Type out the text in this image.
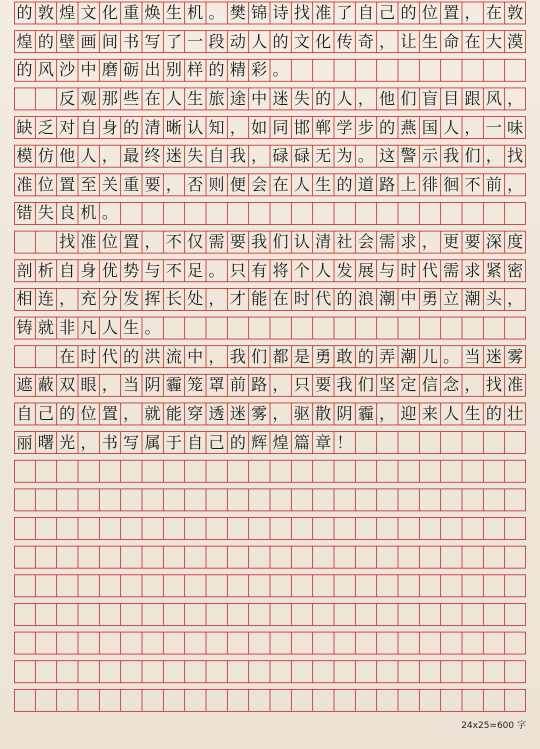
的 敦 煌 文 化 重 焕 生 机 。 樊 锦 诗 找 准 了 自 己 的 位 置 ， 在 敦
煌 的 壁 画 间 书 写 了 一 段 动 人 的 文 化 传 奇 ， 让 生 命 在 大 漠
的 风 沙 中 磨 砺 出 别 样 的 精 彩 。
反 观 那 些 在 人 生 旅 途 中 迷 失 的 人 ， 他 们 盲 目 跟 风 ，
缺 乏 对 自 身 的 清 晰 认 知 ， 如 同 邯 郸 学 步 的 燕 国 人 ， 一 味
模 仿 他 人 ， 最 终 迷 失 自 我 ， 碌 碌 无 为 。 这 警 示 我 们 ， 找
准 位 置 至 关 重 要 ， 否 则 便 会 在 人 生 的 道 路 上 徘 徊 不 前 ，
错 失 良 机 。
找 准 位 置 ， 不 仅 需 要 我 们 认 清 社 会 需 求 ， 更 要 深 度
剖 析 自 身 优 势 与 不 足 。 只 有 将 个 人 发 展 与 时 代 需 求 紧 密
相 连 ， 充 分 发 挥 长 处 ， 才 能 在 时 代 的 浪 潮 中 勇 立 潮 头 ，
铸 就 非 凡 人 生 。
在 时 代 的 洪 流 中 ， 我 们 都 是 勇 敢 的 弄 潮 儿 。 当 迷 雾
遮 蔽 双 眼 ， 当 阴 霾 笼 罩 前 路 ， 只 要 我 们 坚 定 信 念 ， 找 准
自 己 的 位 置 ， 就 能 穿 透 迷 雾 ， 驱 散 阴 霾 ， 迎 来 人 生 的 壮
丽 曙 光 ， 书 写 属 于 自 己 的 辉 煌 篇 章 ！
24x25=600 字
